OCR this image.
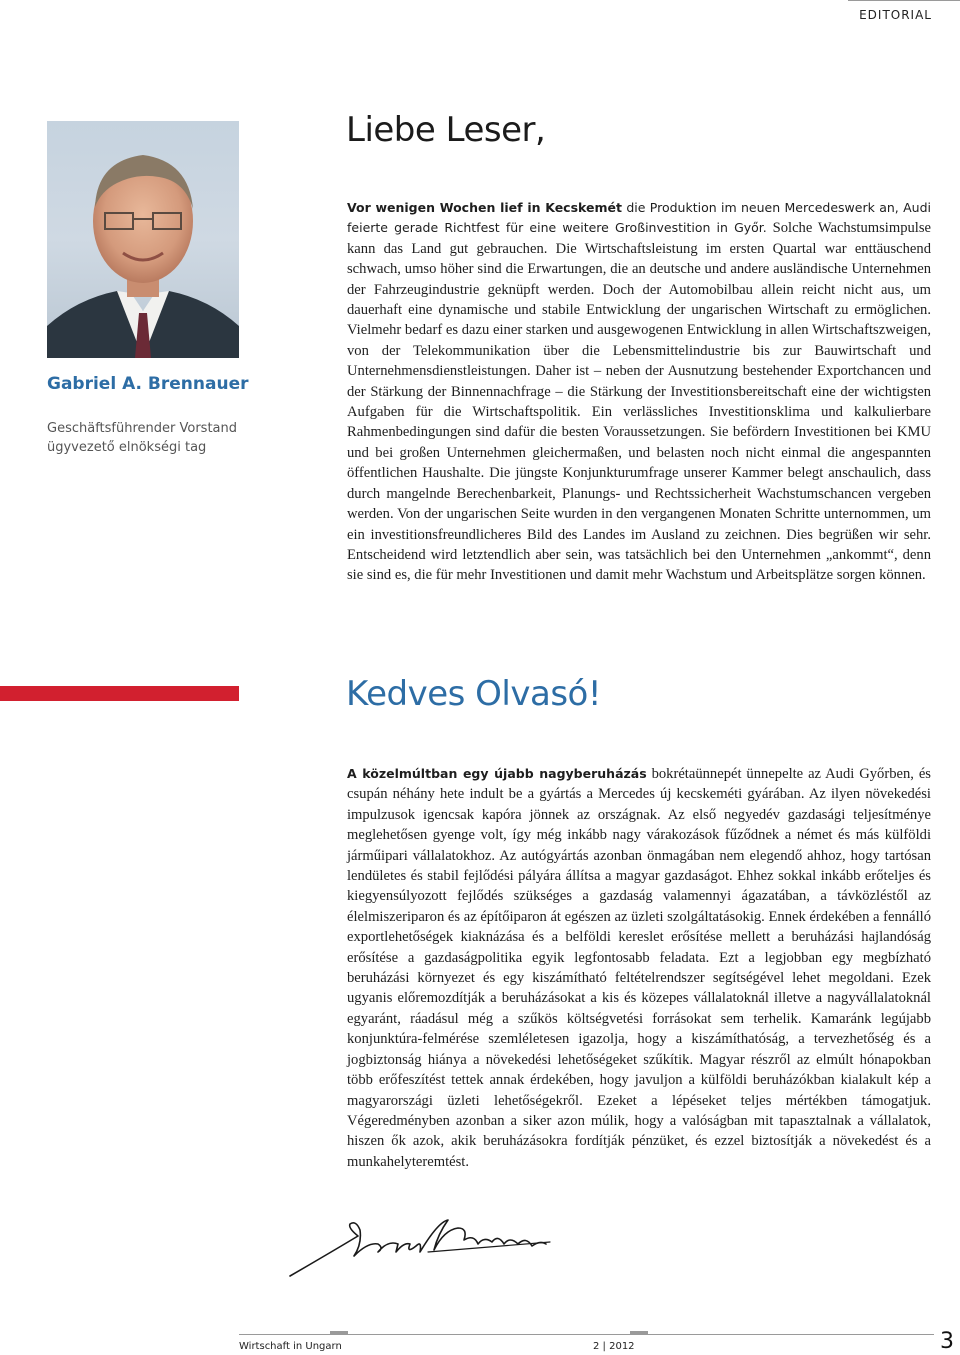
EDITORIAL
Gabriel A. Brennauer
Geschäftsführender Vorstand
ügyvezető elnökségi tag
Liebe Leser,

Vor wenigen Wochen lief in Kecskemét die Produktion im neuen Mercedeswerk an, Audi feierte gerade Richtfest für eine weitere Großinvestition in Győr. Solche Wachstumsimpulse kann das Land gut gebrauchen. Die Wirtschaftsleistung im ersten Quartal war enttäuschend schwach, umso höher sind die Erwartungen, die an deutsche und andere ausländische Unternehmen der Fahrzeugindustrie geknüpft werden. Doch der Automobilbau allein reicht nicht aus, um dauerhaft eine dynamische und stabile Entwicklung der ungarischen Wirtschaft zu ermöglichen. Vielmehr bedarf es dazu einer starken und ausgewogenen Entwicklung in allen Wirtschaftszweigen, von der Telekommunikation über die Lebensmittelindustrie bis zur Bauwirtschaft und Unternehmensdienstleistungen. Daher ist – neben der Ausnutzung bestehender Exportchancen und der Stärkung der Binnennachfrage – die Stärkung der Investitionsbereitschaft eine der wichtigsten Aufgaben für die Wirtschaftspolitik. Ein verlässliches Investitionsklima und kalkulierbare Rahmenbedingungen sind dafür die besten Voraussetzungen. Sie befördern Investitionen bei KMU und bei großen Unternehmen gleichermaßen, und belasten noch nicht einmal die angespannten öffentlichen Haushalte. Die jüngste Konjunkturumfrage unserer Kammer belegt anschaulich, dass durch mangelnde Berechenbarkeit, Planungs- und Rechtssicherheit Wachstumschancen vergeben werden. Von der ungarischen Seite wurden in den vergangenen Monaten Schritte unternommen, um ein investitionsfreundlicheres Bild des Landes im Ausland zu zeichnen. Dies begrüßen wir sehr. Entscheidend wird letztendlich aber sein, was tatsächlich bei den Unternehmen „ankommt“, denn sie sind es, die für mehr Investitionen und damit mehr Wachstum und Arbeitsplätze sorgen können.

Kedves Olvasó!

A közelmúltban egy újabb nagyberuházás bokrétaünnepét ünnepelte az Audi Győrben, és csupán néhány hete indult be a gyártás a Mercedes új kecskeméti gyárában. Az ilyen növekedési impulzusok igencsak kapóra jönnek az országnak. Az első negyedév gazdasági teljesítménye meglehetősen gyenge volt, így még inkább nagy várakozások fűződnek a német és más külföldi járműipari vállalatokhoz. Az autógyártás azonban önmagában nem elegendő ahhoz, hogy tartósan lendületes és stabil fejlődési pályára állítsa a magyar gazdaságot. Ehhez sokkal inkább erőteljes és kiegyensúlyozott fejlődés szükséges a gazdaság valamennyi ágazatában, a távközléstől az élelmiszeriparon és az építőiparon át egészen az üzleti szolgáltatásokig. Ennek érdekében a fennálló exportlehetőségek kiaknázása és a belföldi kereslet erősítése mellett a beruházási hajlandóság erősítése a gazdaságpolitika egyik legfontosabb feladata. Ezt a legjobban egy megbízható beruházási környezet és egy kiszámítható feltételrendszer segítségével lehet megoldani. Ezek ugyanis előremozdítják a beruházásokat a kis és közepes vállalatoknál illetve a nagyvállalatoknál egyaránt, ráadásul még a szűkös költségvetési forrásokat sem terhelik. Kamaránk legújabb konjunktúra-felmérése szemléletesen igazolja, hogy a kiszámíthatóság, a tervezhetőség és a jogbiztonság hiánya a növekedési lehetőségeket szűkítik. Magyar részről az elmúlt hónapokban több erőfeszítést tettek annak érdekében, hogy javuljon a külföldi beruházókban kialakult kép a magyarországi üzleti lehetőségekről. Ezeket a lépéseket teljes mértékben támogatjuk. Végeredményben azonban a siker azon múlik, hogy a valóságban mit tapasztalnak a vállalatok, hiszen ők azok, akik beruházásokra fordítják pénzüket, és ezzel biztosítják a növekedést és a munkahelyteremtést.

Wirtschaft in Ungarn	2 | 2012	3
